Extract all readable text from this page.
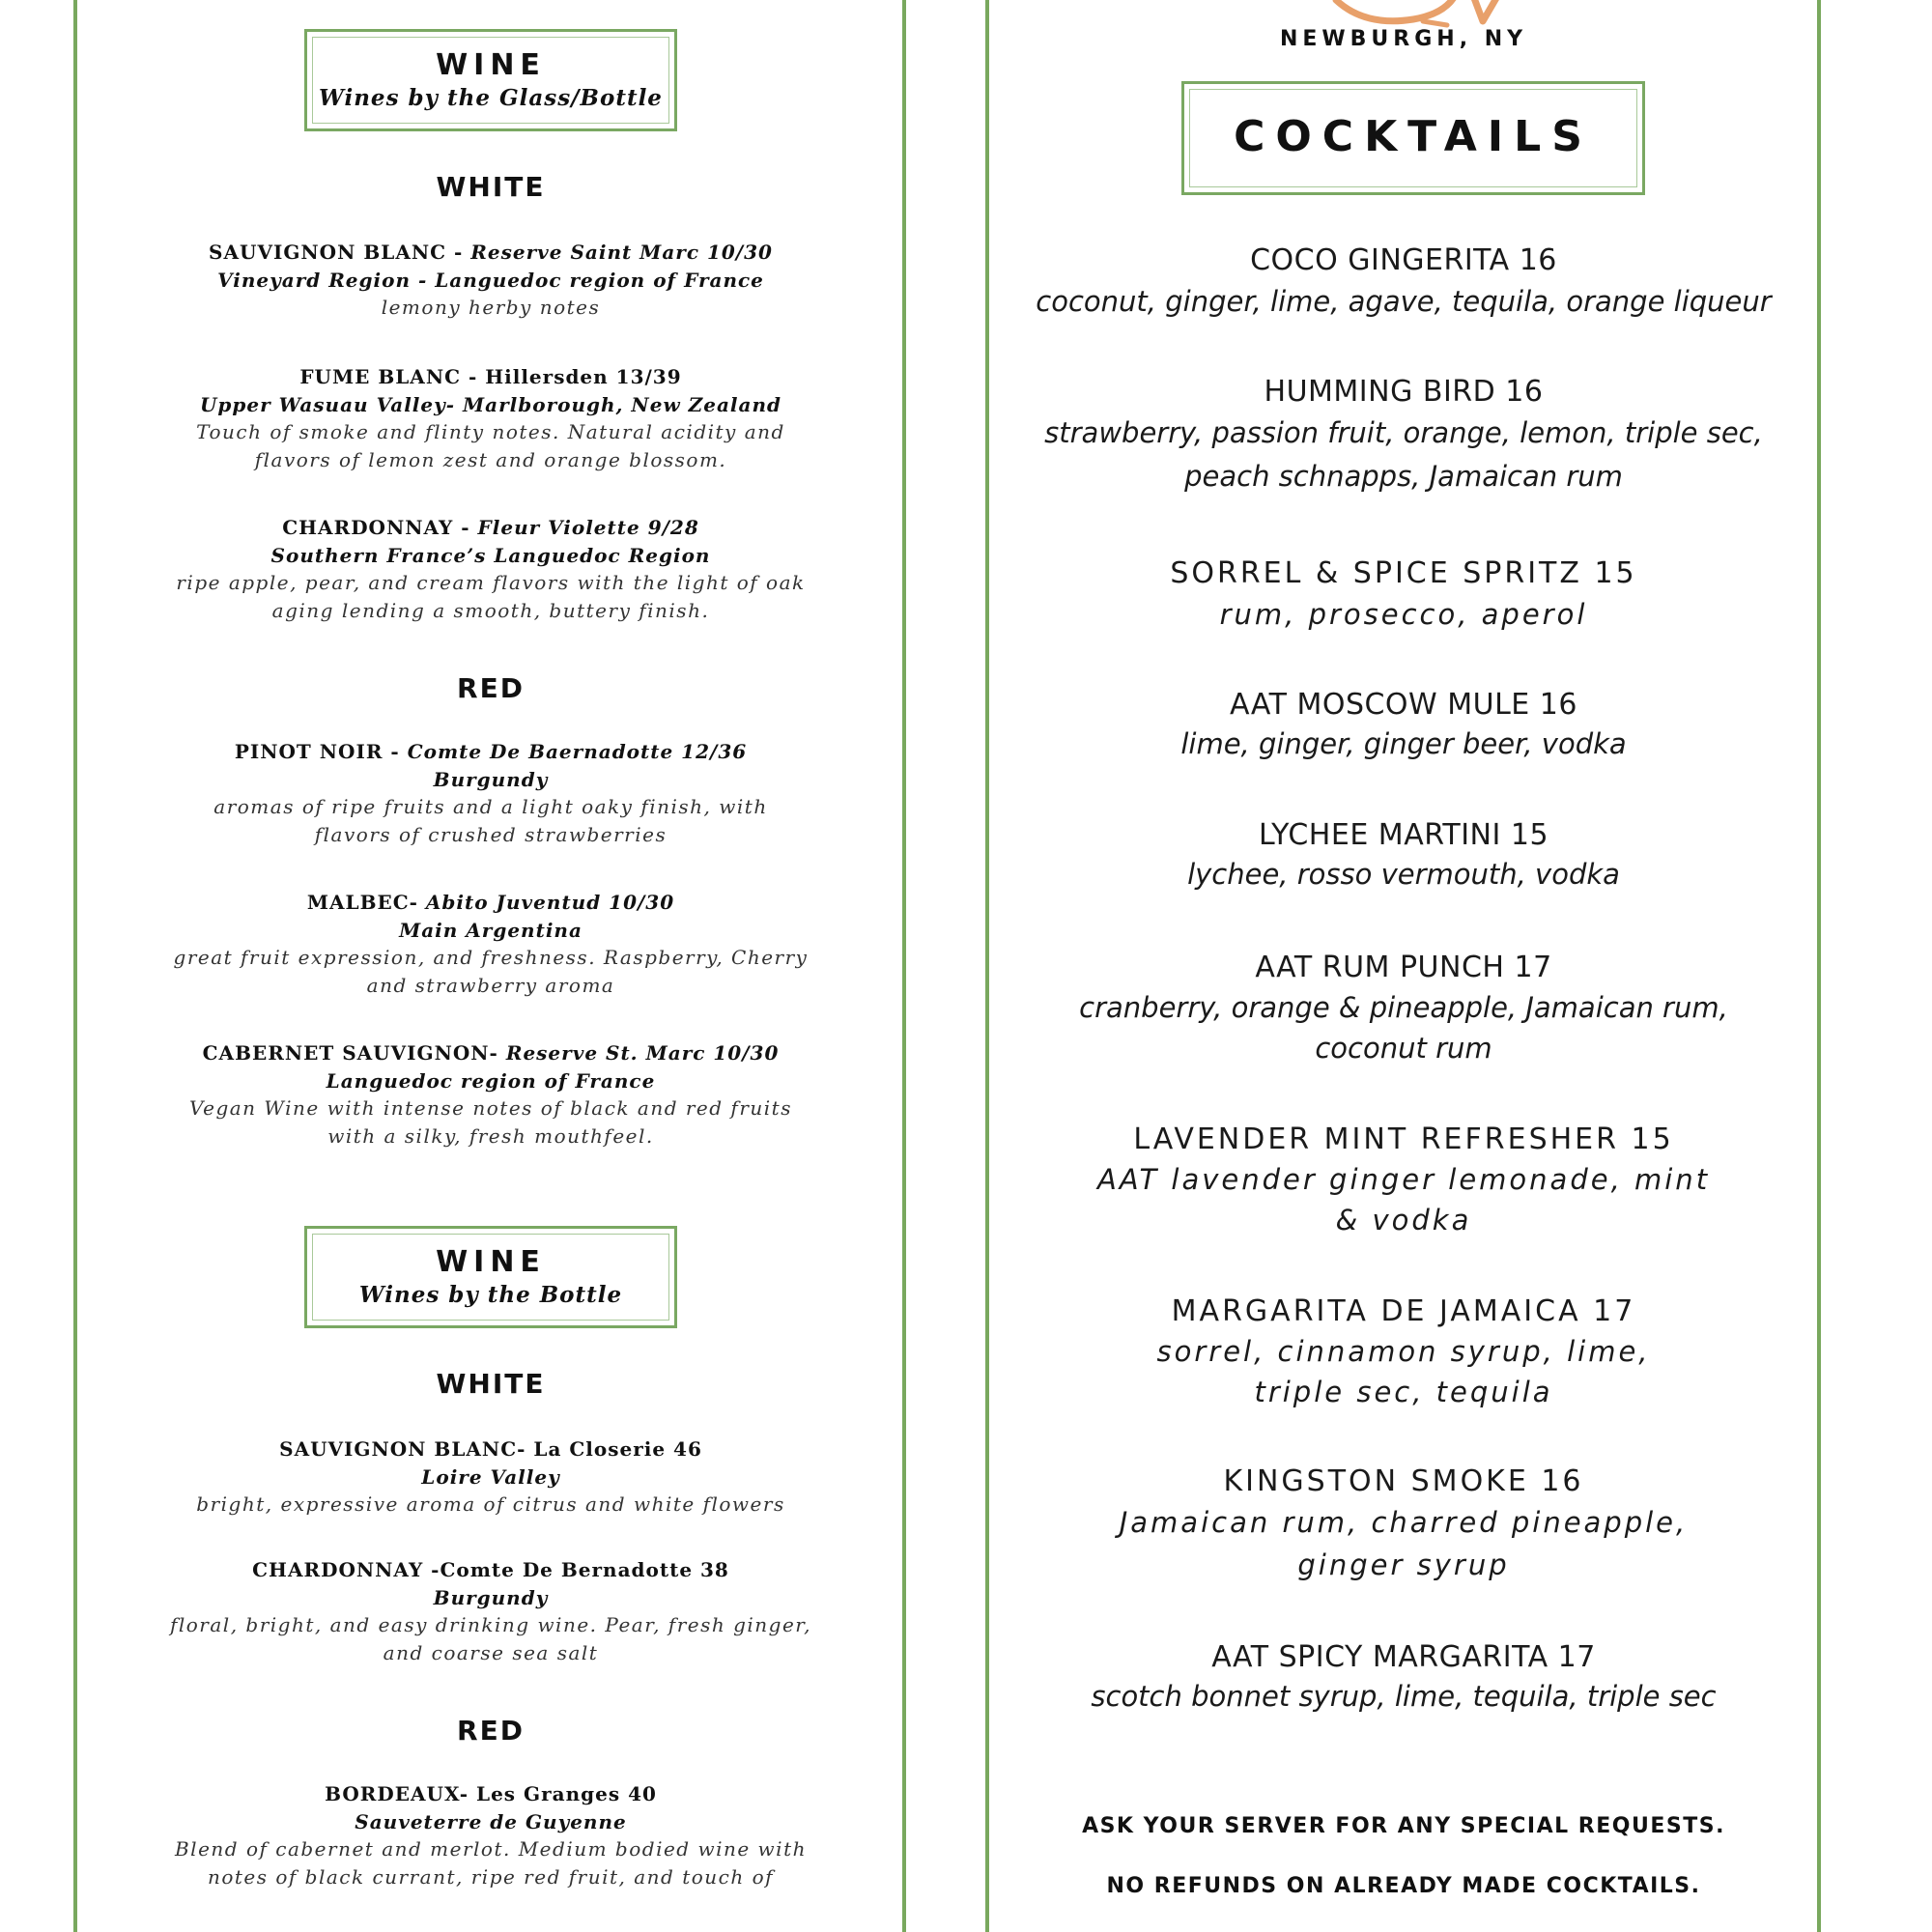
WINE
Wines by the Glass/Bottle
WHITE
SAUVIGNON BLANC - Reserve Saint Marc 10/30
Vineyard Region - Languedoc region of France
lemony herby notes
FUME BLANC - Hillersden 13/39
Upper Wasuau Valley- Marlborough, New Zealand
Touch of smoke and flinty notes. Natural acidity and flavors of lemon zest and orange blossom.
CHARDONNAY - Fleur Violette 9/28
Southern France’s Languedoc Region
ripe apple, pear, and cream flavors with the light of oak aging lending a smooth, buttery finish.
RED
PINOT NOIR - Comte De Baernadotte 12/36
Burgundy
aromas of ripe fruits and a light oaky finish, with flavors of crushed strawberries
MALBEC- Abito Juventud 10/30
Main Argentina
great fruit expression, and freshness. Raspberry, Cherry and strawberry aroma
CABERNET SAUVIGNON- Reserve St. Marc 10/30
Languedoc region of France
Vegan Wine with intense notes of black and red fruits with a silky, fresh mouthfeel.
WINE
Wines by the Bottle
WHITE
SAUVIGNON BLANC- La Closerie 46
Loire Valley
bright, expressive aroma of citrus and white flowers
CHARDONNAY -Comte De Bernadotte 38
Burgundy
floral, bright, and easy drinking wine. Pear, fresh ginger, and coarse sea salt
RED
BORDEAUX- Les Granges 40
Sauveterre de Guyenne
Blend of cabernet and merlot. Medium bodied wine with notes of black currant, ripe red fruit, and touch of
NEWBURGH, NY
COCKTAILS
COCO GINGERITA 16
coconut, ginger, lime, agave, tequila, orange liqueur
HUMMING BIRD 16
strawberry, passion fruit, orange, lemon, triple sec, peach schnapps, Jamaican rum
SORREL & SPICE SPRITZ 15
rum, prosecco, aperol
AAT MOSCOW MULE 16
lime, ginger, ginger beer, vodka
LYCHEE MARTINI 15
lychee, rosso vermouth, vodka
AAT RUM PUNCH 17
cranberry, orange & pineapple, Jamaican rum, coconut rum
LAVENDER MINT REFRESHER 15
AAT lavender ginger lemonade, mint & vodka
MARGARITA DE JAMAICA 17
sorrel, cinnamon syrup, lime, triple sec, tequila
KINGSTON SMOKE 16
Jamaican rum, charred pineapple, ginger syrup
AAT SPICY MARGARITA 17
scotch bonnet syrup, lime, tequila, triple sec
ASK YOUR SERVER FOR ANY SPECIAL REQUESTS.
NO REFUNDS ON ALREADY MADE COCKTAILS.
